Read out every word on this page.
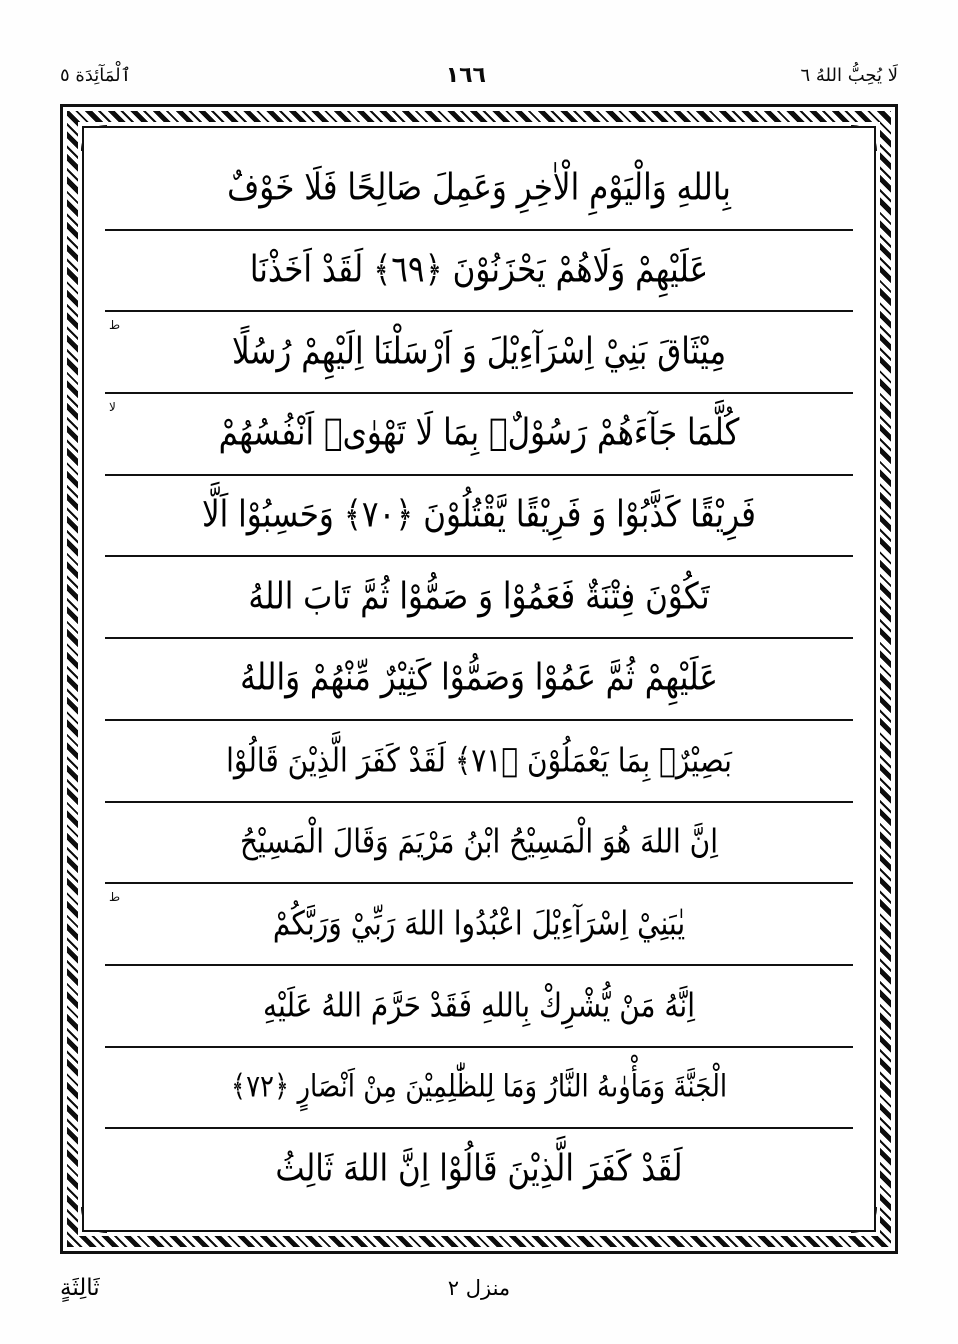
لَا يُحِبُّ اللهُ ٦
١٦٦
ٱلْمَآئِدَة ٥
بِاللهِ وَالْيَوْمِ الْاٰخِرِ وَعَمِلَ صَالِحًا فَلَا خَوْفٌ
عَلَيْهِمْ وَلَاهُمْ يَحْزَنُوْنَ ﴿٦٩﴾ لَقَدْ اَخَذْنَا
مِيْثَاقَ بَنِيْ اِسْرَآءِيْلَ وَ اَرْسَلْنَا اِلَيْهِمْ رُسُلًا
ط
كُلَّمَا جَآءَهُمْ رَسُوْلٌۢ بِمَا لَا تَهْوٰىۤ اَنْفُسُهُمْ
لا
فَرِيْقًا كَذَّبُوْا وَ فَرِيْقًا يَّقْتُلُوْنَ ﴿٧٠﴾ وَحَسِبُوْا اَلَّا
تَكُوْنَ فِتْنَةٌ فَعَمُوْا وَ صَمُّوْا ثُمَّ تَابَ اللهُ
عَلَيْهِمْ ثُمَّ عَمُوْا وَصَمُّوْا كَثِيْرٌ مِّنْهُمْ وَاللهُ
بَصِيْرٌۢ بِمَا يَعْمَلُوْنَ ﴿٧١﴾ لَقَدْ كَفَرَ الَّذِيْنَ قَالُوْا
اِنَّ اللهَ هُوَ الْمَسِيْحُ ابْنُ مَرْيَمَ وَقَالَ الْمَسِيْحُ
يٰبَنِيْ اِسْرَآءِيْلَ اعْبُدُوا اللهَ رَبِّيْ وَرَبَّكُمْ
ط
اِنَّهُ مَنْ يُّشْرِكْ بِاللهِ فَقَدْ حَرَّمَ اللهُ عَلَيْهِ
الْجَنَّةَ وَمَأْوٰىهُ النَّارُ وَمَا لِلظّٰلِمِيْنَ مِنْ اَنْصَارٍ ﴿٧٢﴾
لَقَدْ كَفَرَ الَّذِيْنَ قَالُوْا اِنَّ اللهَ ثَالِثُ
منزل ٢
ثَالِثَةٍ
